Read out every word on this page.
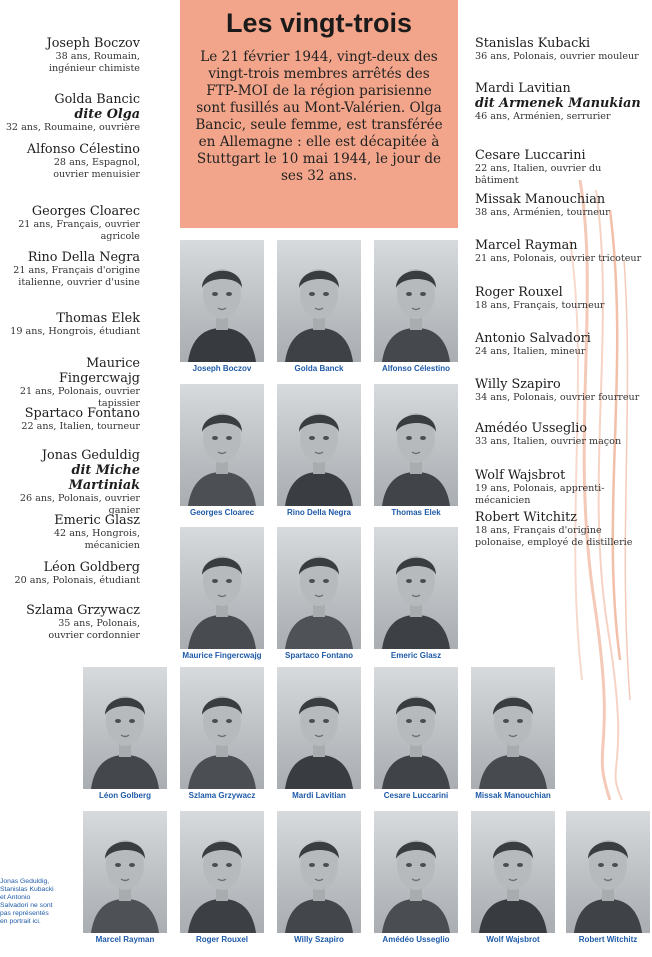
Les vingt-trois
Le 21 février 1944, vingt-deux des vingt-trois membres arrêtés des FTP-MOI de la région parisienne sont fusillés au Mont-Valérien. Olga Bancic, seule femme, est transférée en Allemagne : elle est décapitée à Stuttgart le 10 mai 1944, le jour de ses 32 ans.
Joseph Boczov
38 ans, Roumain,
ingénieur chimiste
Golda Bancic
dite Olga
32 ans, Roumaine, ouvrière
Alfonso Célestino
28 ans, Espagnol,
ouvrier menuisier
Georges Cloarec
21 ans, Français, ouvrier agricole
Rino Della Negra
21 ans, Français d'origine
italienne, ouvrier d'usine
Thomas Elek
19 ans, Hongrois, étudiant
Maurice Fingercwajg
21 ans, Polonais, ouvrier tapissier
Spartaco Fontano
22 ans, Italien, tourneur
Jonas Geduldig
dit Miche Martiniak
26 ans, Polonais, ouvrier ganier
Emeric Glasz
42 ans, Hongrois, mécanicien
Léon Goldberg
20 ans, Polonais, étudiant
Szlama Grzywacz
35 ans, Polonais,
ouvrier cordonnier
Stanislas Kubacki
36 ans, Polonais, ouvrier mouleur
Mardi Lavitian
dit Armenek Manukian
46 ans, Arménien, serrurier
Cesare Luccarini
22 ans, Italien, ouvrier du bâtiment
Missak Manouchian
38 ans, Arménien, tourneur
Marcel Rayman
21 ans, Polonais, ouvrier tricoteur
Roger Rouxel
18 ans, Français, tourneur
Antonio Salvadori
24 ans, Italien, mineur
Willy Szapiro
34 ans, Polonais, ouvrier fourreur
Amédéo Usseglio
33 ans, Italien, ouvrier maçon
Wolf Wajsbrot
19 ans, Polonais, apprenti-mécanicien
Robert Witchitz
18 ans, Français d'origine
polonaise, employé de distillerie
Joseph Boczov	Golda Banck	Alfonso Célestino
Georges Cloarec	Rino Della Negra	Thomas Elek
Maurice Fingercwajg	Spartaco Fontano	Emeric Glasz
Léon Golberg	Szlama Grzywacz	Mardi Lavitian	Cesare Luccarini	Missak Manouchian
Marcel Rayman	Roger Rouxel	Willy Szapiro	Amédéo Usseglio	Wolf Wajsbrot	Robert Witchitz
Jonas Geduldig, Stanislas Kubacki et Antonio Salvadori ne sont pas représentés en portrait ici.
